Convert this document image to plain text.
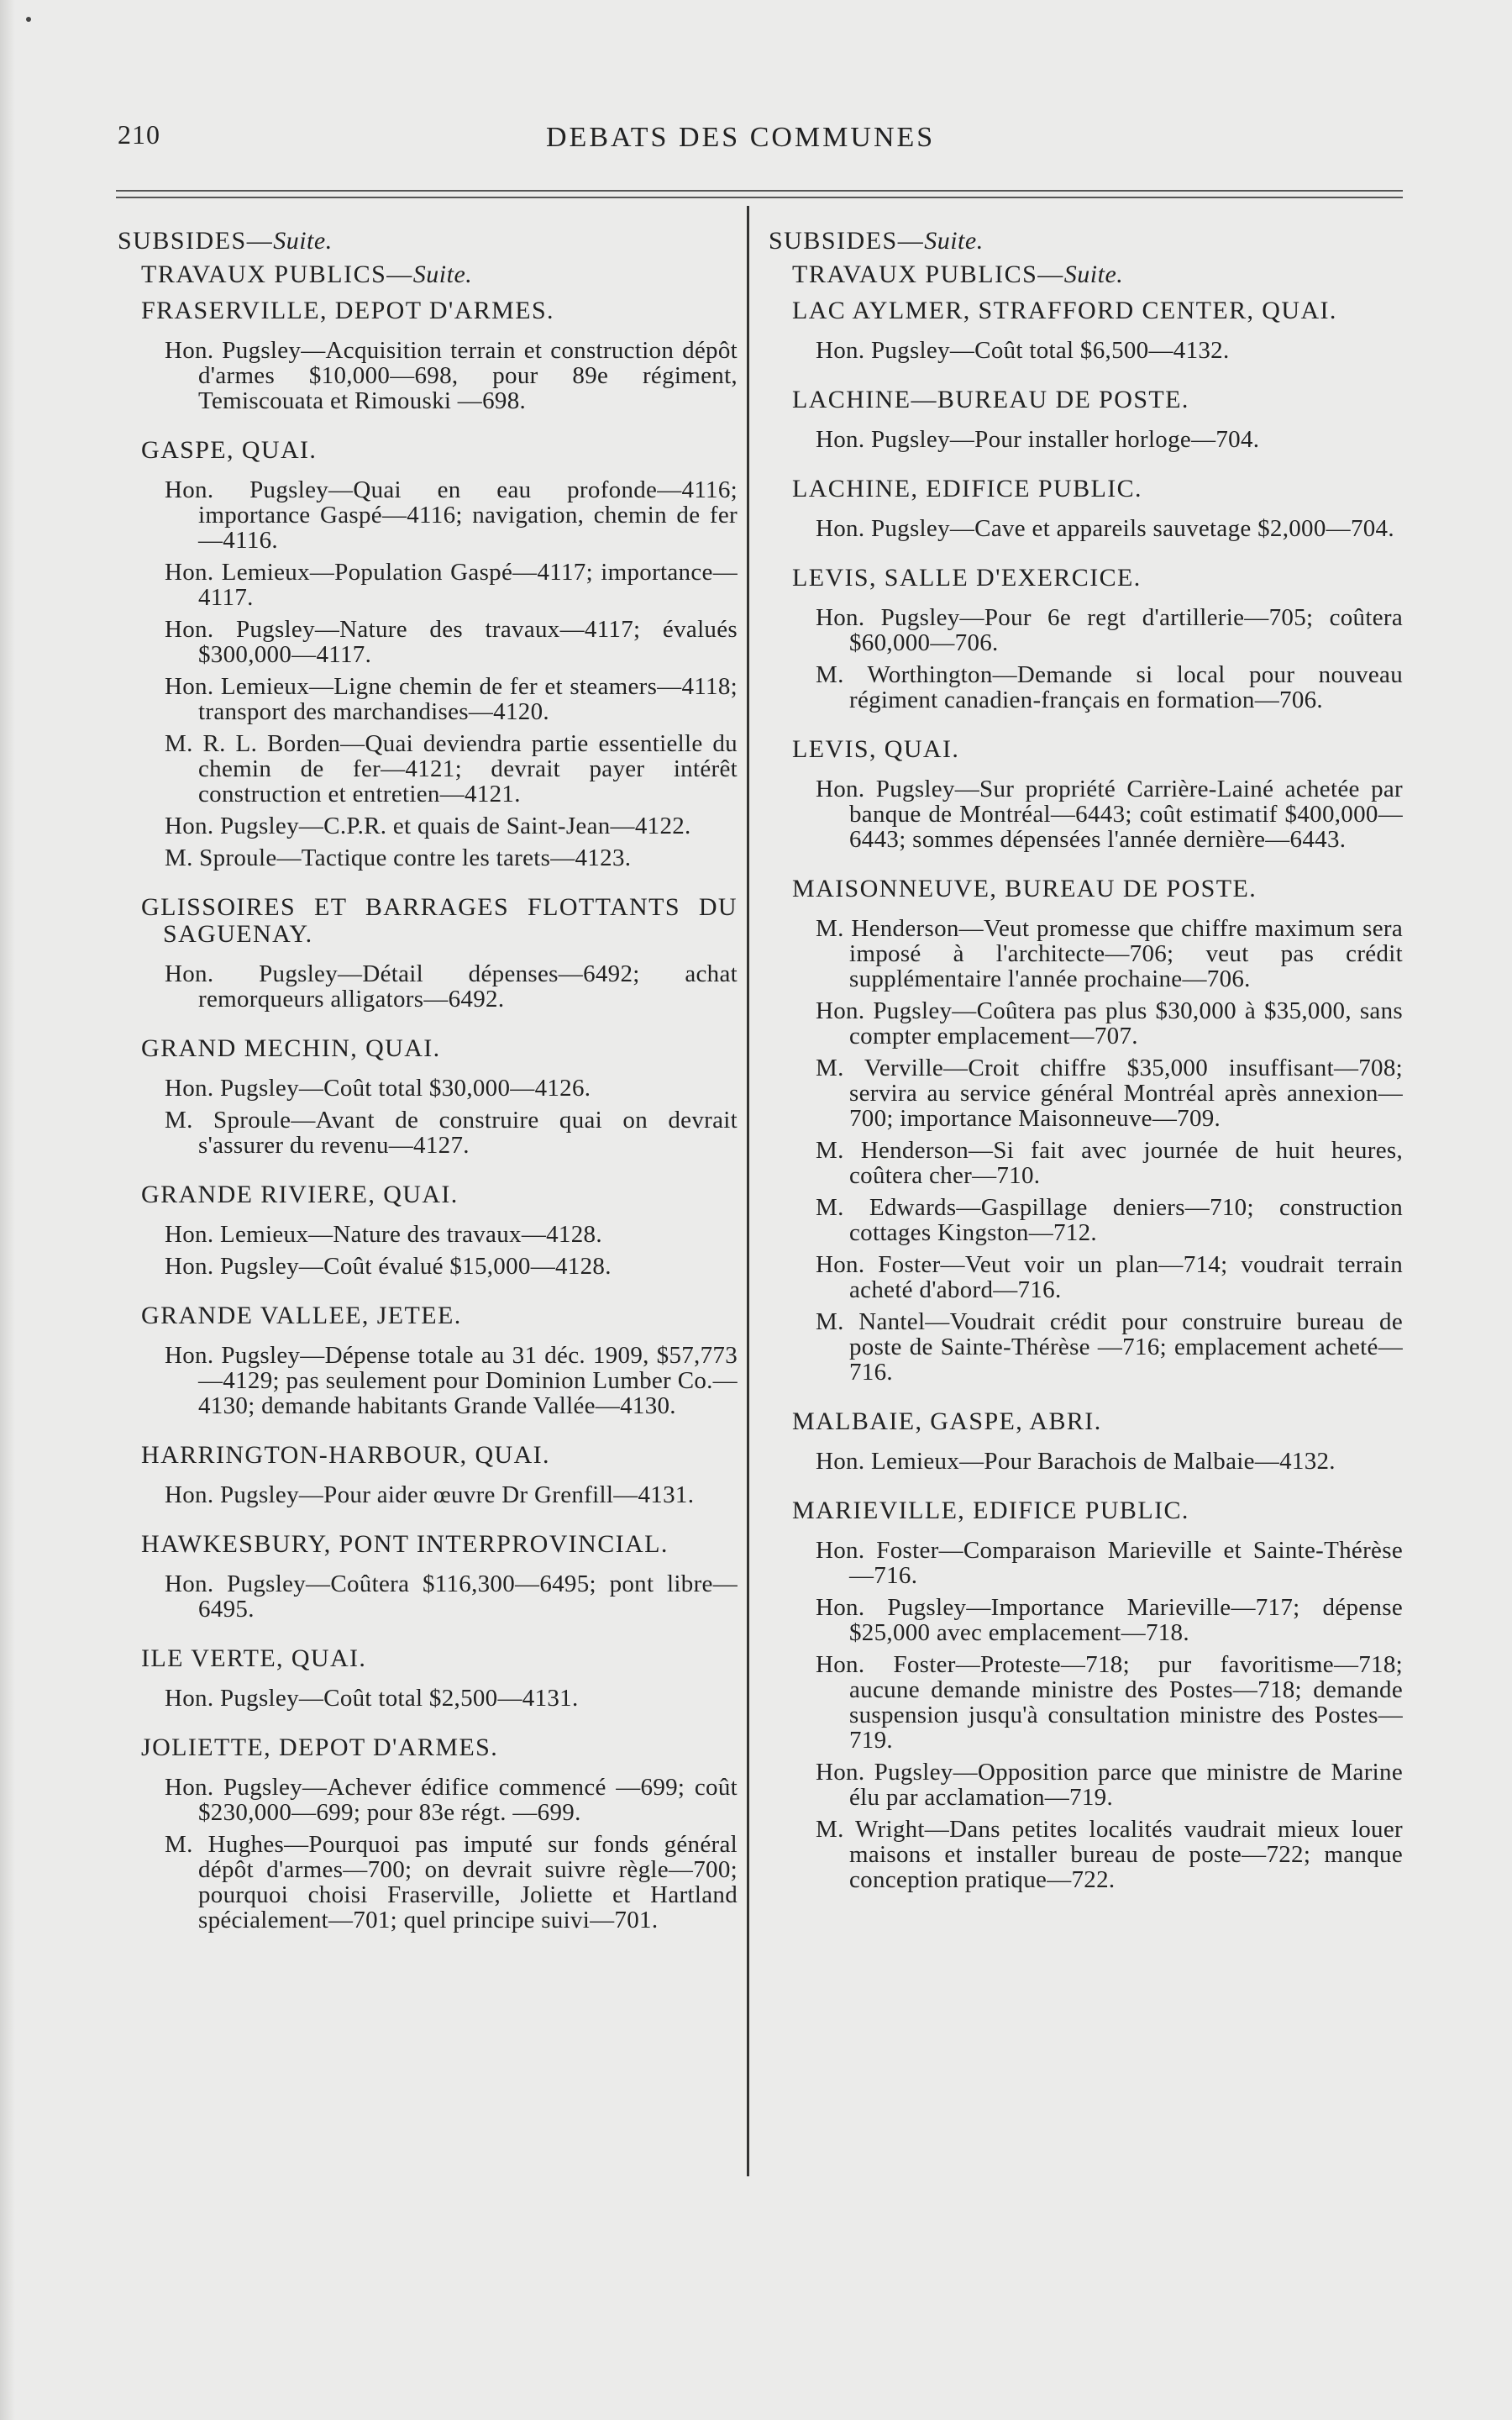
210	DEBATS DES COMMUNES
SUBSIDES—Suite.
TRAVAUX PUBLICS—Suite.
FRASERVILLE, DEPOT D'ARMES.
Hon. Pugsley—Acquisition terrain et construction dépôt d'armes $10,000—698, pour 89e régiment, Temiscouata et Rimouski —698.
GASPE, QUAI.
Hon. Pugsley—Quai en eau profonde—4116; importance Gaspé—4116; navigation, chemin de fer—4116.
Hon. Lemieux—Population Gaspé—4117; importance—4117.
Hon. Pugsley—Nature des travaux—4117; évalués $300,000—4117.
Hon. Lemieux—Ligne chemin de fer et steamers—4118; transport des marchandises—4120.
M. R. L. Borden—Quai deviendra partie essentielle du chemin de fer—4121; devrait payer intérêt construction et entretien—4121.
Hon. Pugsley—C.P.R. et quais de Saint-Jean—4122.
M. Sproule—Tactique contre les tarets—4123.
GLISSOIRES ET BARRAGES FLOTTANTS DU SAGUENAY.
Hon. Pugsley—Détail dépenses—6492; achat remorqueurs alligators—6492.
GRAND MECHIN, QUAI.
Hon. Pugsley—Coût total $30,000—4126.
M. Sproule—Avant de construire quai on devrait s'assurer du revenu—4127.
GRANDE RIVIERE, QUAI.
Hon. Lemieux—Nature des travaux—4128.
Hon. Pugsley—Coût évalué $15,000—4128.
GRANDE VALLEE, JETEE.
Hon. Pugsley—Dépense totale au 31 déc. 1909, $57,773—4129; pas seulement pour Dominion Lumber Co.—4130; demande habitants Grande Vallée—4130.
HARRINGTON-HARBOUR, QUAI.
Hon. Pugsley—Pour aider œuvre Dr Grenfill—4131.
HAWKESBURY, PONT INTERPROVINCIAL.
Hon. Pugsley—Coûtera $116,300—6495; pont libre—6495.
ILE VERTE, QUAI.
Hon. Pugsley—Coût total $2,500—4131.
JOLIETTE, DEPOT D'ARMES.
Hon. Pugsley—Achever édifice commencé —699; coût $230,000—699; pour 83e régt. —699.
M. Hughes—Pourquoi pas imputé sur fonds général dépôt d'armes—700; on devrait suivre règle—700; pourquoi choisi Fraserville, Joliette et Hartland spécialement—701; quel principe suivi—701.
SUBSIDES—Suite.
TRAVAUX PUBLICS—Suite.
LAC AYLMER, STRAFFORD CENTER, QUAI.
Hon. Pugsley—Coût total $6,500—4132.
LACHINE—BUREAU DE POSTE.
Hon. Pugsley—Pour installer horloge—704.
LACHINE, EDIFICE PUBLIC.
Hon. Pugsley—Cave et appareils sauvetage $2,000—704.
LEVIS, SALLE D'EXERCICE.
Hon. Pugsley—Pour 6e regt d'artillerie—705; coûtera $60,000—706.
M. Worthington—Demande si local pour nouveau régiment canadien-français en formation—706.
LEVIS, QUAI.
Hon. Pugsley—Sur propriété Carrière-Lainé achetée par banque de Montréal—6443; coût estimatif $400,000—6443; sommes dépensées l'année dernière—6443.
MAISONNEUVE, BUREAU DE POSTE.
M. Henderson—Veut promesse que chiffre maximum sera imposé à l'architecte—706; veut pas crédit supplémentaire l'année prochaine—706.
Hon. Pugsley—Coûtera pas plus $30,000 à $35,000, sans compter emplacement—707.
M. Verville—Croit chiffre $35,000 insuffisant—708; servira au service général Montréal après annexion—700; importance Maisonneuve—709.
M. Henderson—Si fait avec journée de huit heures, coûtera cher—710.
M. Edwards—Gaspillage deniers—710; construction cottages Kingston—712.
Hon. Foster—Veut voir un plan—714; voudrait terrain acheté d'abord—716.
M. Nantel—Voudrait crédit pour construire bureau de poste de Sainte-Thérèse —716; emplacement acheté—716.
MALBAIE, GASPE, ABRI.
Hon. Lemieux—Pour Barachois de Malbaie—4132.
MARIEVILLE, EDIFICE PUBLIC.
Hon. Foster—Comparaison Marieville et Sainte-Thérèse—716.
Hon. Pugsley—Importance Marieville—717; dépense $25,000 avec emplacement—718.
Hon. Foster—Proteste—718; pur favoritisme—718; aucune demande ministre des Postes—718; demande suspension jusqu'à consultation ministre des Postes—719.
Hon. Pugsley—Opposition parce que ministre de Marine élu par acclamation—719.
M. Wright—Dans petites localités vaudrait mieux louer maisons et installer bureau de poste—722; manque conception pratique—722.
